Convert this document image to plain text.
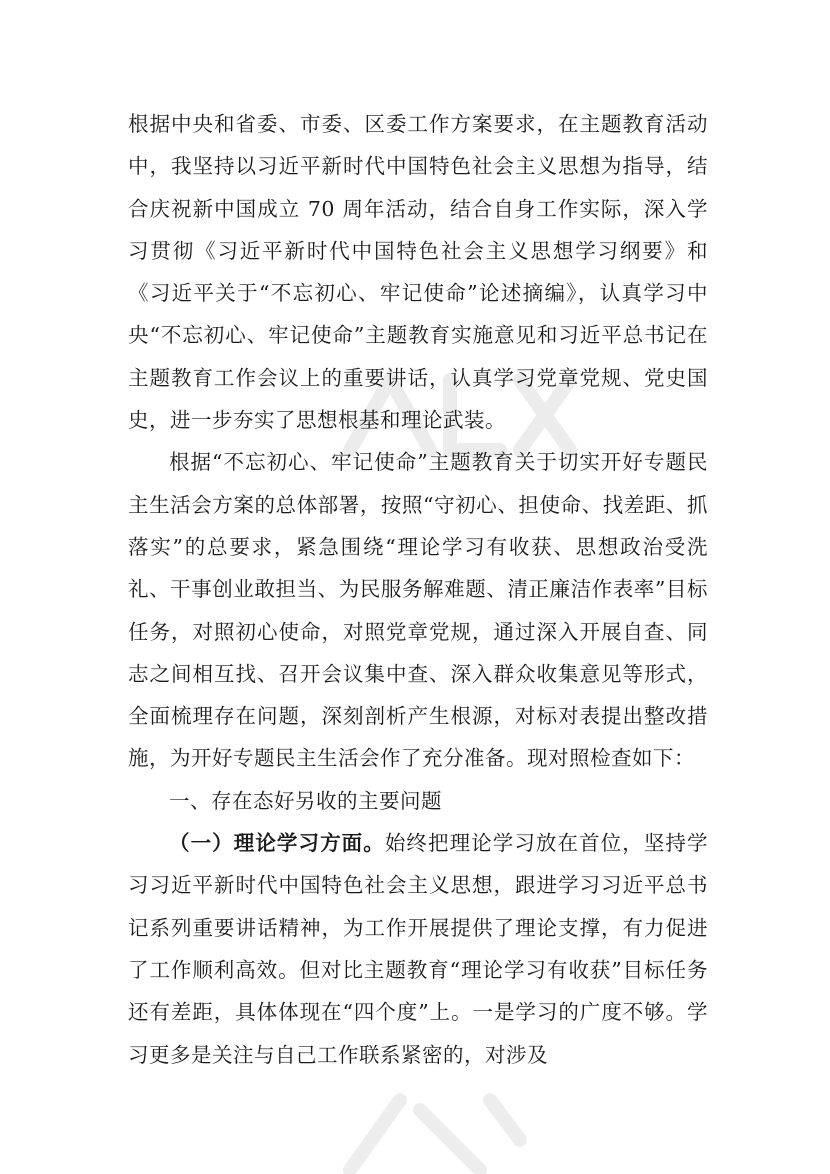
根据中央和省委、市委、区委工作方案要求，在主题教育活动中，我坚持以习近平新时代中国特色社会主义思想为指导，结合庆祝新中国成立 70 周年活动，结合自身工作实际，深入学习贯彻《习近平新时代中国特色社会主义思想学习纲要》和《习近平关于“不忘初心、牢记使命”论述摘编》，认真学习中央“不忘初心、牢记使命”主题教育实施意见和习近平总书记在主题教育工作会议上的重要讲话，认真学习党章党规、党史国史，进一步夯实了思想根基和理论武装。

根据“不忘初心、牢记使命”主题教育关于切实开好专题民主生活会方案的总体部署，按照“守初心、担使命、找差距、抓落实”的总要求，紧急围绕“理论学习有收获、思想政治受洗礼、干事创业敢担当、为民服务解难题、清正廉洁作表率”目标任务，对照初心使命，对照党章党规，通过深入开展自查、同志之间相互找、召开会议集中查、深入群众收集意见等形式，全面梳理存在问题，深刻剖析产生根源，对标对表提出整改措施，为开好专题民主生活会作了充分准备。现对照检查如下：

一、存在态好另收的主要问题

（一）理论学习方面。始终把理论学习放在首位，坚持学习习近平新时代中国特色社会主义思想，跟进学习习近平总书记系列重要讲话精神，为工作开展提供了理论支撑，有力促进了工作顺利高效。但对比主题教育“理论学习有收获”目标任务还有差距，具体体现在“四个度”上。一是学习的广度不够。学习更多是关注与自己工作联系紧密的，对涉及
